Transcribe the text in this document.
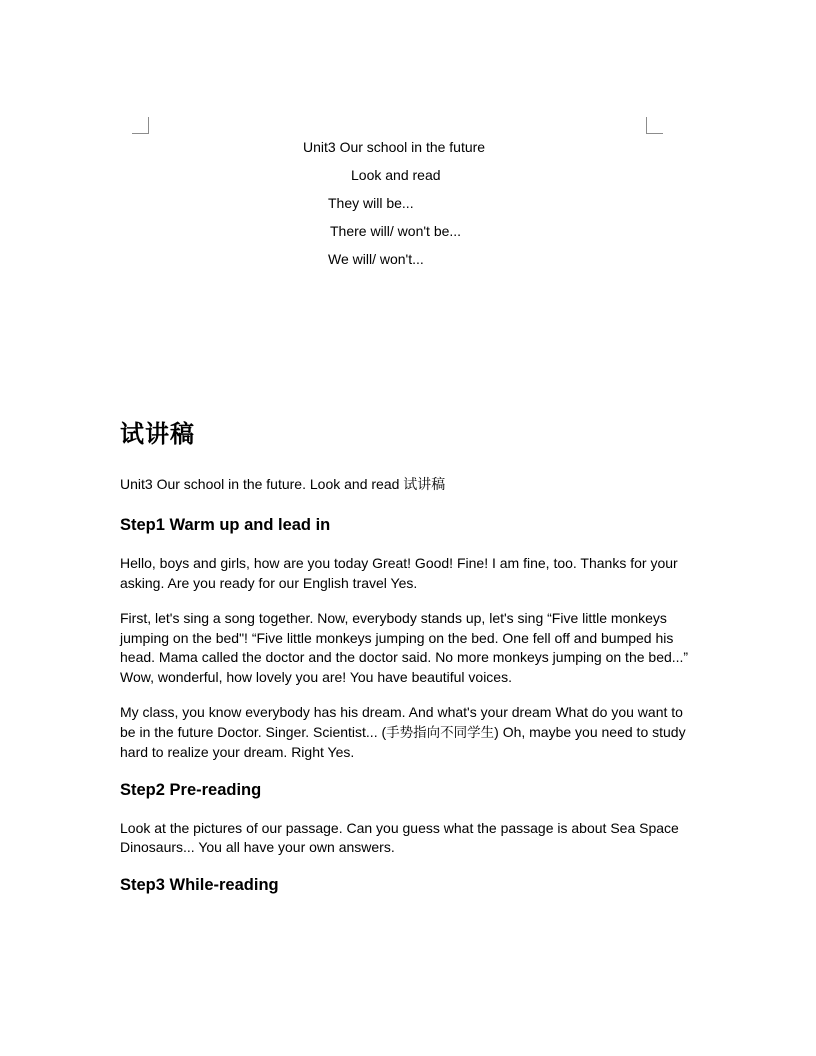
Unit3 Our school in the future
Look and read
They will be...
There will/ won't be...
We will/ won't...
试讲稿
Unit3 Our school in the future. Look and read 试讲稿
Step1 Warm up and lead in

Hello, boys and girls, how are you today Great! Good! Fine! I am fine, too. Thanks for your asking. Are you ready for our English travel Yes.

First, let's sing a song together. Now, everybody stands up, let's sing “Five little monkeys jumping on the bed"! “Five little monkeys jumping on the bed. One fell off and bumped his head. Mama called the doctor and the doctor said. No more monkeys jumping on the bed...” Wow, wonderful, how lovely you are! You have beautiful voices.

My class, you know everybody has his dream. And what's your dream What do you want to be in the future Doctor. Singer. Scientist... (手势指向不同学生) Oh, maybe you need to study hard to realize your dream. Right Yes.

Step2 Pre-reading

Look at the pictures of our passage. Can you guess what the passage is about Sea Space Dinosaurs... You all have your own answers.

Step3 While-reading
